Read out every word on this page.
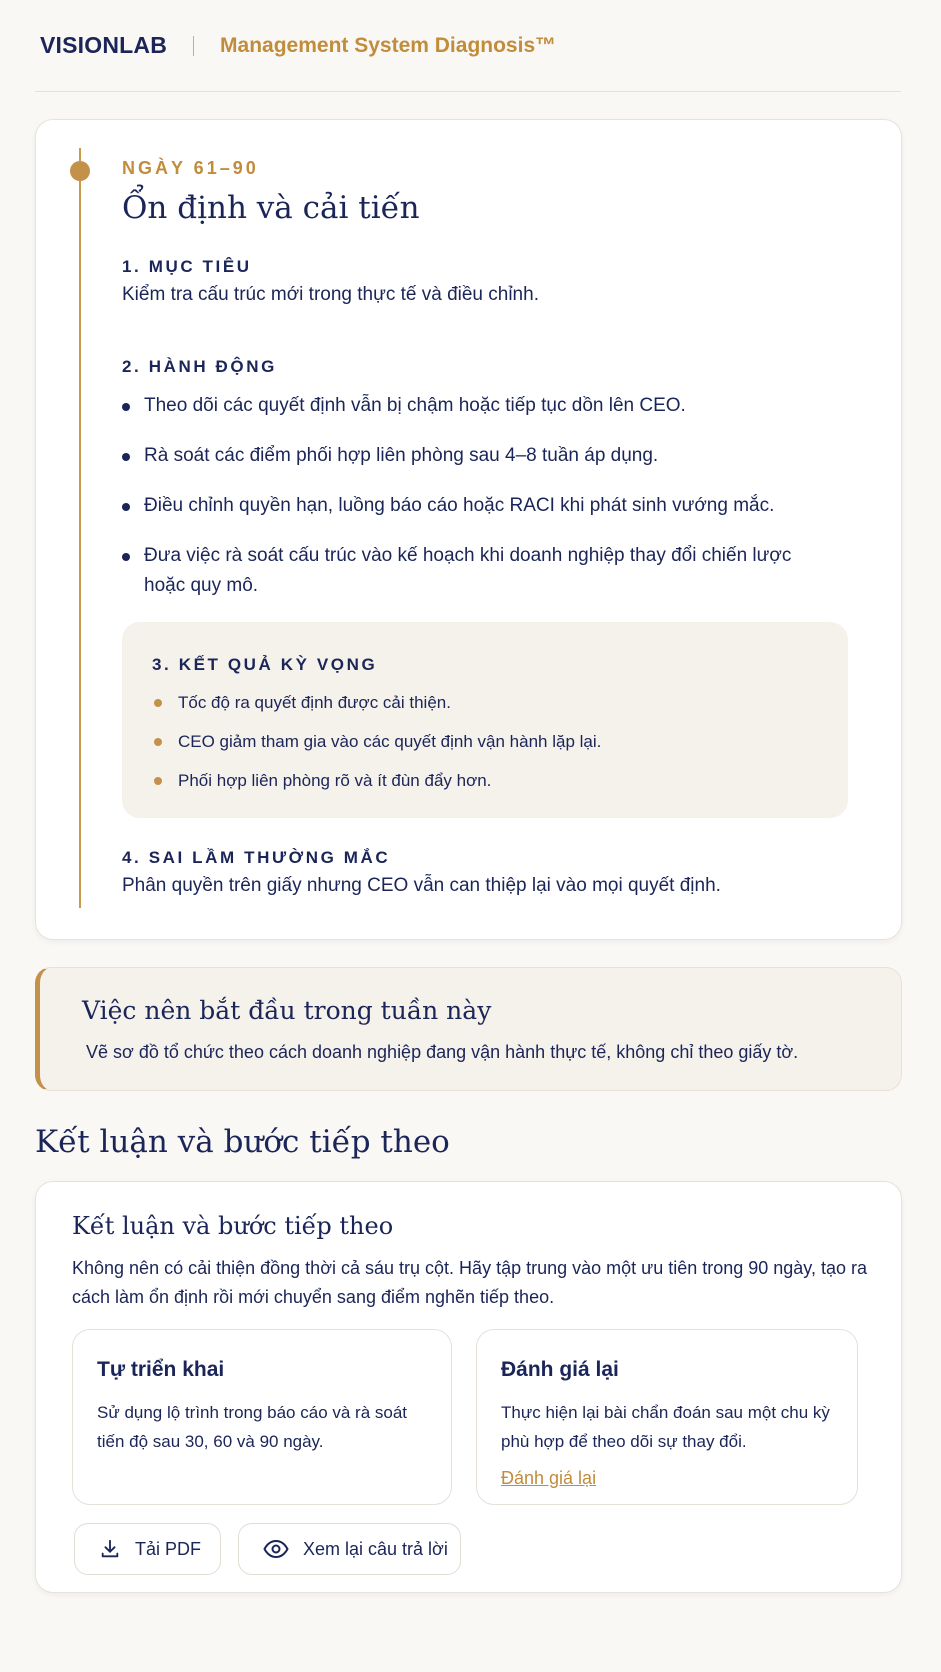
VISIONLAB	Management System Diagnosis™
NGÀY 61–90
Ổn định và cải tiến
1. MỤC TIÊU
Kiểm tra cấu trúc mới trong thực tế và điều chỉnh.
2. HÀNH ĐỘNG
Theo dõi các quyết định vẫn bị chậm hoặc tiếp tục dồn lên CEO.
Rà soát các điểm phối hợp liên phòng sau 4–8 tuần áp dụng.
Điều chỉnh quyền hạn, luồng báo cáo hoặc RACI khi phát sinh vướng mắc.
Đưa việc rà soát cấu trúc vào kế hoạch khi doanh nghiệp thay đổi chiến lược hoặc quy mô.
3. KẾT QUẢ KỲ VỌNG
Tốc độ ra quyết định được cải thiện.
CEO giảm tham gia vào các quyết định vận hành lặp lại.
Phối hợp liên phòng rõ và ít đùn đẩy hơn.
4. SAI LẦM THƯỜNG MẮC
Phân quyền trên giấy nhưng CEO vẫn can thiệp lại vào mọi quyết định.
Việc nên bắt đầu trong tuần này
Vẽ sơ đồ tổ chức theo cách doanh nghiệp đang vận hành thực tế, không chỉ theo giấy tờ.
Kết luận và bước tiếp theo
Kết luận và bước tiếp theo
Không nên có cải thiện đồng thời cả sáu trụ cột. Hãy tập trung vào một ưu tiên trong 90 ngày, tạo ra cách làm ổn định rồi mới chuyển sang điểm nghẽn tiếp theo.
Tự triển khai
Sử dụng lộ trình trong báo cáo và rà soát tiến độ sau 30, 60 và 90 ngày.
Đánh giá lại
Thực hiện lại bài chẩn đoán sau một chu kỳ phù hợp để theo dõi sự thay đổi.
Đánh giá lại
Tải PDF	Xem lại câu trả lời
